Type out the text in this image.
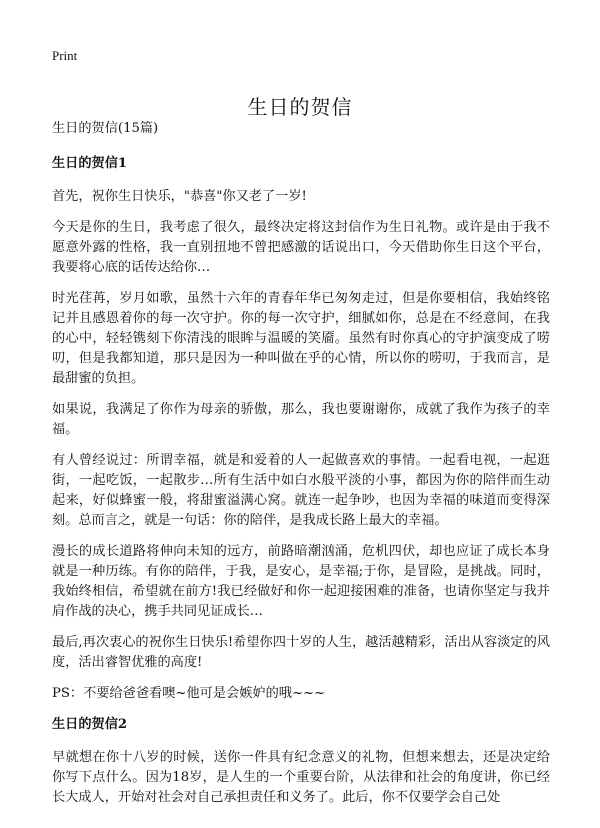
Print
生日的贺信

生日的贺信(15篇)

生日的贺信1

首先，祝你生日快乐，"恭喜"你又老了一岁!

今天是你的生日，我考虑了很久，最终决定将这封信作为生日礼物。或许是由于我不愿意外露的性格，我一直别扭地不曾把感激的话说出口，今天借助你生日这个平台，我要将心底的话传达给你…

时光荏苒，岁月如歌，虽然十六年的青春年华已匆匆走过，但是你要相信，我始终铭记并且感恩着你的每一次守护。你的每一次守护，细腻如你，总是在不经意间，在我的心中，轻轻镌刻下你清浅的眼眸与温暖的笑靥。虽然有时你真心的守护演变成了唠叨，但是我都知道，那只是因为一种叫做在乎的心情，所以你的唠叨，于我而言，是最甜蜜的负担。

如果说，我满足了你作为母亲的骄傲，那么，我也要谢谢你，成就了我作为孩子的幸福。

有人曾经说过：所谓幸福，就是和爱着的人一起做喜欢的事情。一起看电视，一起逛街，一起吃饭，一起散步…所有生活中如白水般平淡的小事，都因为你的陪伴而生动起来，好似蜂蜜一般，将甜蜜溢满心窝。就连一起争吵，也因为幸福的味道而变得深刻。总而言之，就是一句话：你的陪伴，是我成长路上最大的幸福。

漫长的成长道路将伸向未知的远方，前路暗潮汹涌，危机四伏，却也应证了成长本身就是一种历练。有你的陪伴，于我，是安心，是幸福;于你，是冒险，是挑战。同时，我始终相信，希望就在前方!我已经做好和你一起迎接困难的准备，也请你坚定与我并肩作战的决心，携手共同见证成长…

最后,再次衷心的祝你生日快乐!希望你四十岁的人生，越活越精彩，活出从容淡定的风度，活出睿智优雅的高度!

PS：不要给爸爸看噢~他可是会嫉妒的哦~~~

生日的贺信2

早就想在你十八岁的时候，送你一件具有纪念意义的礼物，但想来想去，还是决定给你写下点什么。因为18岁，是人生的一个重要台阶，从法律和社会的角度讲，你已经长大成人，开始对社会对自己承担责任和义务了。此后，你不仅要学会自己处
